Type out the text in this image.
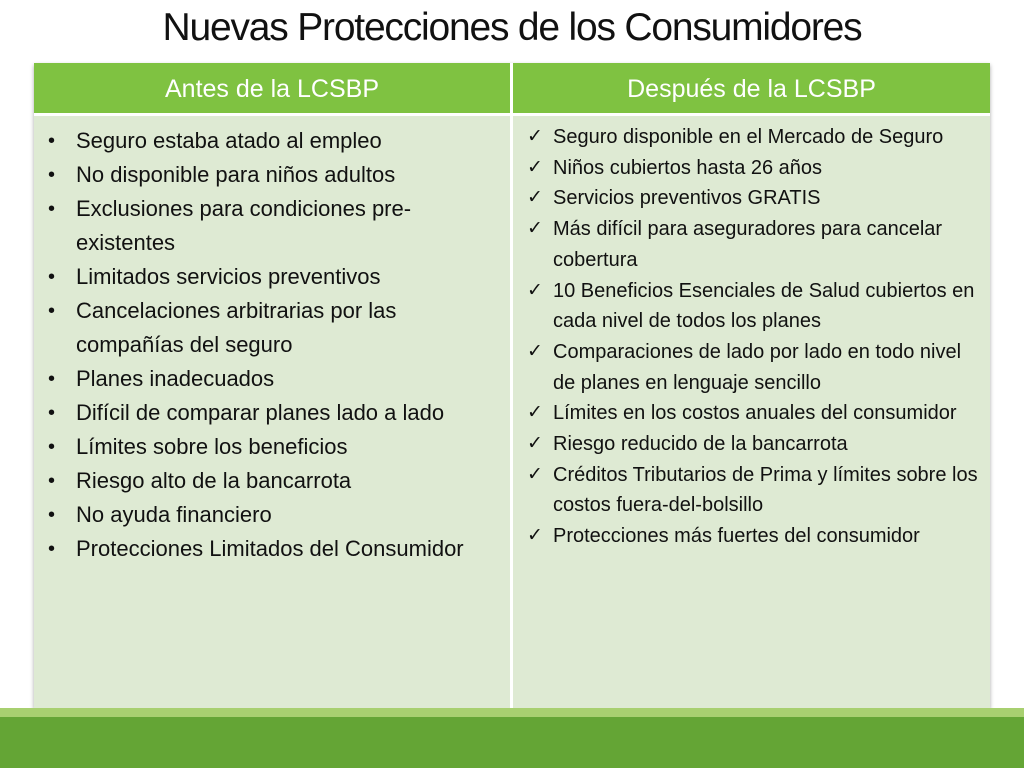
Nuevas Protecciones de los Consumidores
Antes de la LCSBP	Después de la LCSBP
• Seguro estaba atado al empleo
• No disponible para niños adultos
• Exclusiones para condiciones pre-existentes
• Limitados servicios preventivos
• Cancelaciones arbitrarias por las compañías del seguro
• Planes inadecuados
• Difícil de comparar planes lado a lado
• Límites sobre los beneficios
• Riesgo alto de la bancarrota
• No ayuda financiero
• Protecciones Limitados del Consumidor
✓ Seguro disponible en el Mercado de Seguro
✓ Niños cubiertos hasta 26 años
✓ Servicios preventivos GRATIS
✓ Más difícil para aseguradores para cancelar cobertura
✓ 10 Beneficios Esenciales de Salud cubiertos en cada nivel de todos los planes
✓ Comparaciones de lado por lado en todo nivel de planes en lenguaje sencillo
✓ Límites en los costos anuales del consumidor
✓ Riesgo reducido de la bancarrota
✓ Créditos Tributarios de Prima y límites sobre los costos fuera-del-bolsillo
✓ Protecciones más fuertes del consumidor
